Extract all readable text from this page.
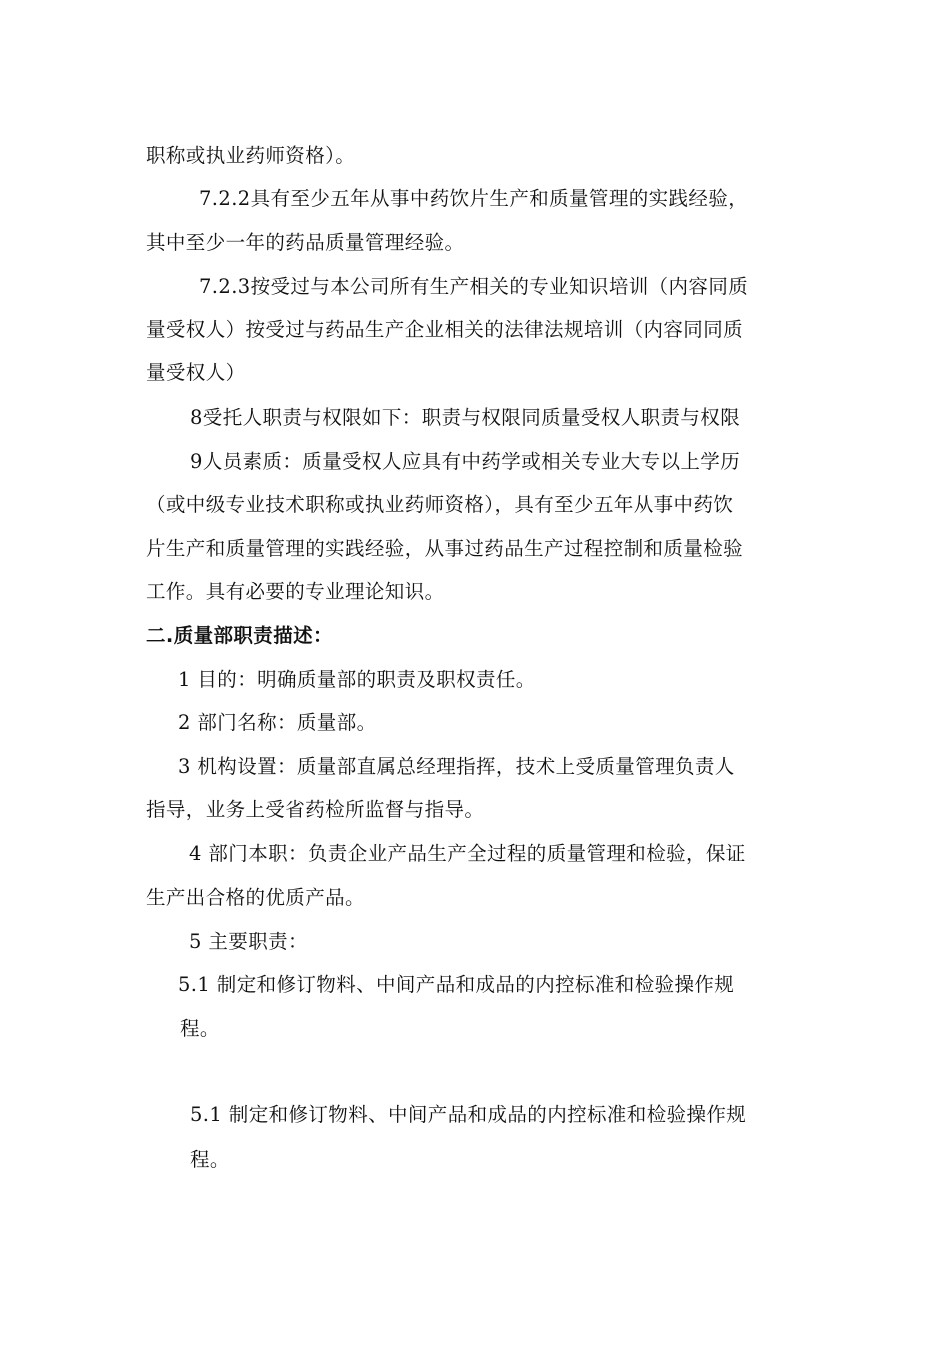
职称或执业药师资格）。
7.2.2具有至少五年从事中药饮片生产和质量管理的实践经验，
其中至少一年的药品质量管理经验。
7.2.3按受过与本公司所有生产相关的专业知识培训（内容同质
量受权人）按受过与药品生产企业相关的法律法规培训（内容同同质
量受权人）
8受托人职责与权限如下：职责与权限同质量受权人职责与权限
9人员素质：质量受权人应具有中药学或相关专业大专以上学历
（或中级专业技术职称或执业药师资格），具有至少五年从事中药饮
片生产和质量管理的实践经验，从事过药品生产过程控制和质量检验
工作。具有必要的专业理论知识。
二.质量部职责描述：
1 目的：明确质量部的职责及职权责任。
2 部门名称：质量部。
3 机构设置：质量部直属总经理指挥，技术上受质量管理负责人
指导，业务上受省药检所监督与指导。
4 部门本职：负责企业产品生产全过程的质量管理和检验，保证
生产出合格的优质产品。
5 主要职责：
5.1 制定和修订物料、中间产品和成品的内控标准和检验操作规
程。
5.1 制定和修订物料、中间产品和成品的内控标准和检验操作规
程。
